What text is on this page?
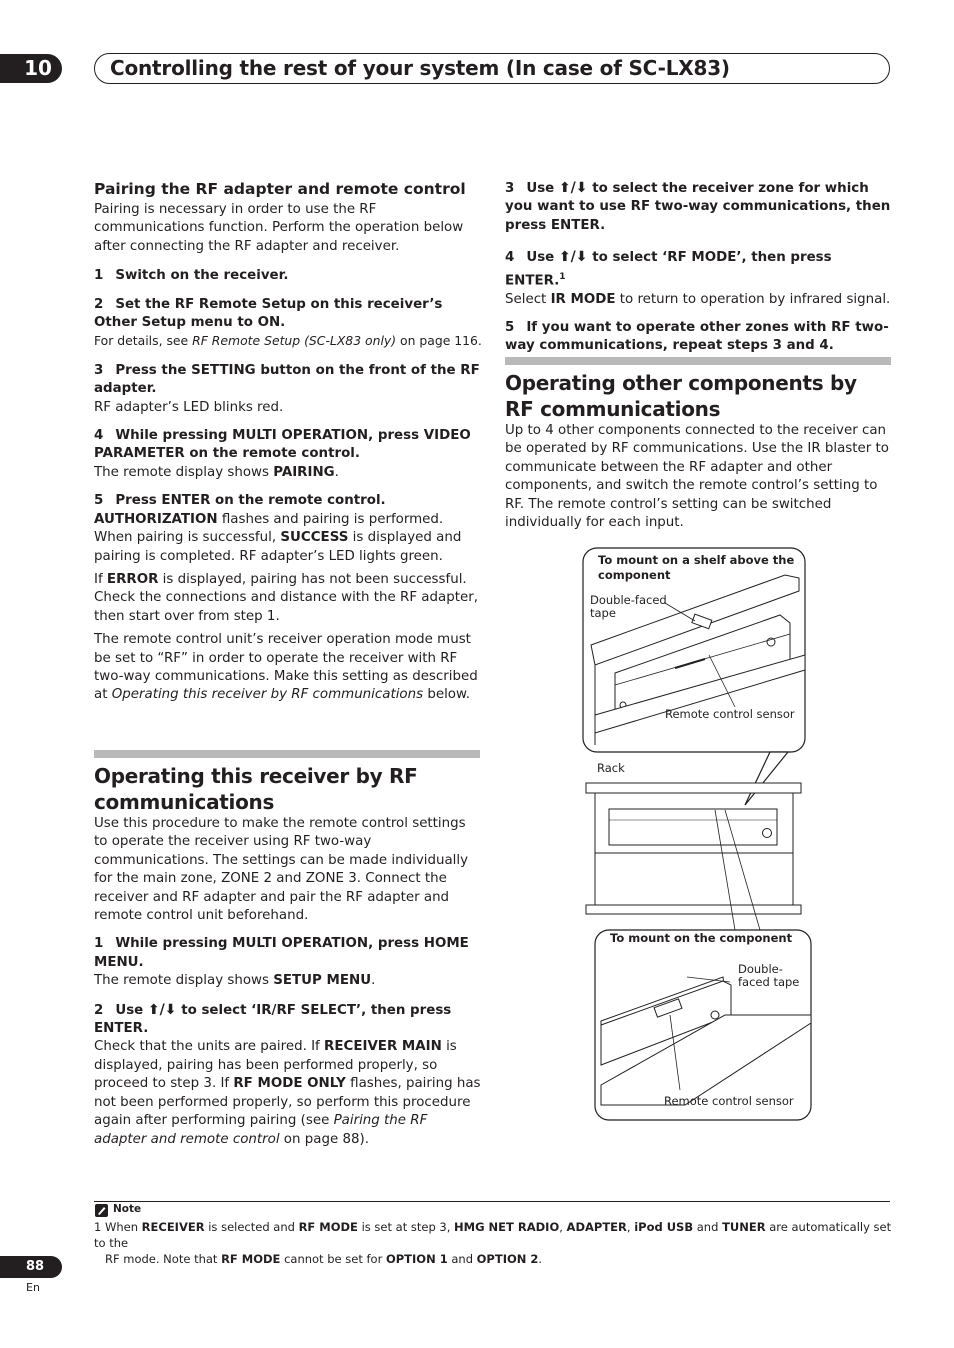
10	Controlling the rest of your system (In case of SC-LX83)

Pairing the RF adapter and remote control

Pairing is necessary in order to use the RF communications function. Perform the operation below after connecting the RF adapter and receiver.

1 Switch on the receiver.

2 Set the RF Remote Setup on this receiver’s Other Setup menu to ON.

For details, see RF Remote Setup (SC-LX83 only) on page 116.

3 Press the SETTING button on the front of the RF adapter.

RF adapter’s LED blinks red.

4 While pressing MULTI OPERATION, press VIDEO PARAMETER on the remote control.

The remote display shows PAIRING.

5 Press ENTER on the remote control.

AUTHORIZATION flashes and pairing is performed. When pairing is successful, SUCCESS is displayed and pairing is completed. RF adapter’s LED lights green.

If ERROR is displayed, pairing has not been successful. Check the connections and distance with the RF adapter, then start over from step 1.

The remote control unit’s receiver operation mode must be set to “RF” in order to operate the receiver with RF two-way communications. Make this setting as described at Operating this receiver by RF communications below.

Operating this receiver by RF communications

Use this procedure to make the remote control settings to operate the receiver using RF two-way communications. The settings can be made individually for the main zone, ZONE 2 and ZONE 3. Connect the receiver and RF adapter and pair the RF adapter and remote control unit beforehand.

1 While pressing MULTI OPERATION, press HOME MENU.

The remote display shows SETUP MENU.

2 Use ⬆/⬇ to select ‘IR/RF SELECT’, then press ENTER.

Check that the units are paired. If RECEIVER MAIN is displayed, pairing has been performed properly, so proceed to step 3. If RF MODE ONLY flashes, pairing has not been performed properly, so perform this procedure again after performing pairing (see Pairing the RF adapter and remote control on page 88).

3 Use ⬆/⬇ to select the receiver zone for which you want to use RF two-way communications, then press ENTER.

4 Use ⬆/⬇ to select ‘RF MODE’, then press ENTER.$^1$

Select IR MODE to return to operation by infrared signal.

5 If you want to operate other zones with RF two-way communications, repeat steps 3 and 4.

Operating other components by RF communications

Up to 4 other components connected to the receiver can be operated by RF communications. Use the IR blaster to communicate between the RF adapter and other components, and switch the remote control’s setting to RF. The remote control’s setting can be switched individually for each input.

To mount on a shelf above the
component
Double-faced
tape
Remote control sensor
Rack
To mount on the component
Double-
faced tape
Remote control sensor
Note

1 When RECEIVER is selected and RF MODE is set at step 3, HMG NET RADIO, ADAPTER, iPod USB and TUNER are automatically set to the

RF mode. Note that RF MODE cannot be set for OPTION 1 and OPTION 2.

88
En
